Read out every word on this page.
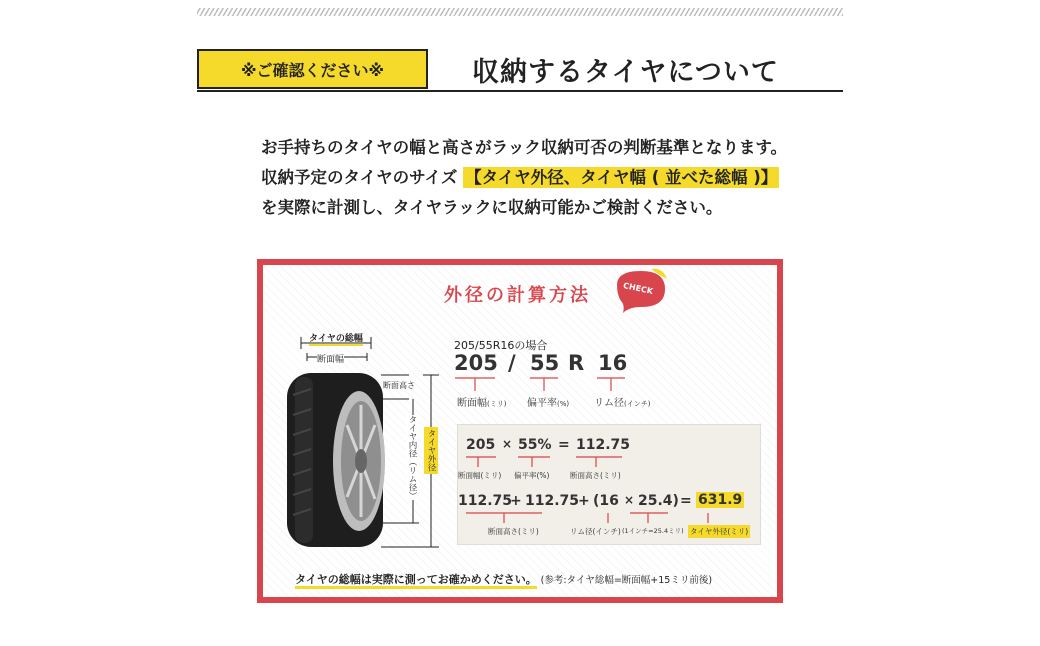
※ご確認ください※	収納するタイヤについて
お手持ちのタイヤの幅と高さがラック収納可否の判断基準となります。
収納予定のタイヤのサイズ 【タイヤ外径、タイヤ幅 ( 並べた総幅 )】
を実際に計測し、タイヤラックに収納可能かご検討ください。
外径の計算方法	CHECK
タイヤの総幅
断面幅
断面高さ
タイヤ内径（リム径） タイヤ外径
205/55R16の場合
205 / 55 R 16
断面幅(ミリ) 偏平率(%) リム径(インチ)
205 × 55% = 112.75
断面幅(ミリ) 偏平率(%)	断面高さ(ミリ)
112.75
+ 112.75
+ (16 × 25.4) = 631.9
断面高さ(ミリ)	リム径(インチ) (1インチ=25.4ミリ) タイヤ外径(ミリ)
タイヤの総幅は実際に測ってお確かめください。 (参考:タイヤ総幅=断面幅+15ミリ前後)
